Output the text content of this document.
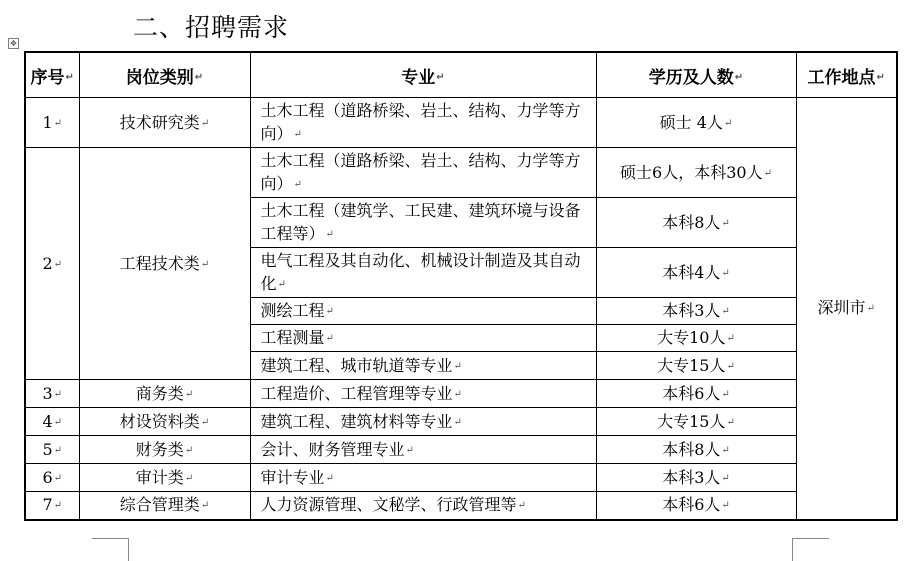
二、招聘需求
✥
序号 ↵	岗位类别 ↵	专业 ↵	学历及人数 ↵	工作地点 ↵
1 ↵	技术研究类 ↵	土木工程（道路桥梁、岩土、结构、力学等方向） ↵	硕士 4人 ↵	深圳市 ↵
2 ↵	工程技术类 ↵	土木工程（道路桥梁、岩土、结构、力学等方向） ↵	硕士6人，本科30人 ↵
		土木工程（建筑学、工民建、建筑环境与设备工程等） ↵	本科8人 ↵
		电气工程及其自动化、机械设计制造及其自动化 ↵	本科4人 ↵
		测绘工程 ↵	本科3人 ↵
		工程测量 ↵	大专10人 ↵
		建筑工程、城市轨道等专业 ↵	大专15人 ↵
3 ↵	商务类 ↵	工程造价、工程管理等专业 ↵	本科6人 ↵
4 ↵	材设资料类 ↵	建筑工程、建筑材料等专业 ↵	大专15人 ↵
5 ↵	财务类 ↵	会计、财务管理专业 ↵	本科8人 ↵
6 ↵	审计类 ↵	审计专业 ↵	本科3人 ↵
7 ↵	综合管理类 ↵	人力资源管理、文秘学、行政管理等 ↵	本科6人 ↵
